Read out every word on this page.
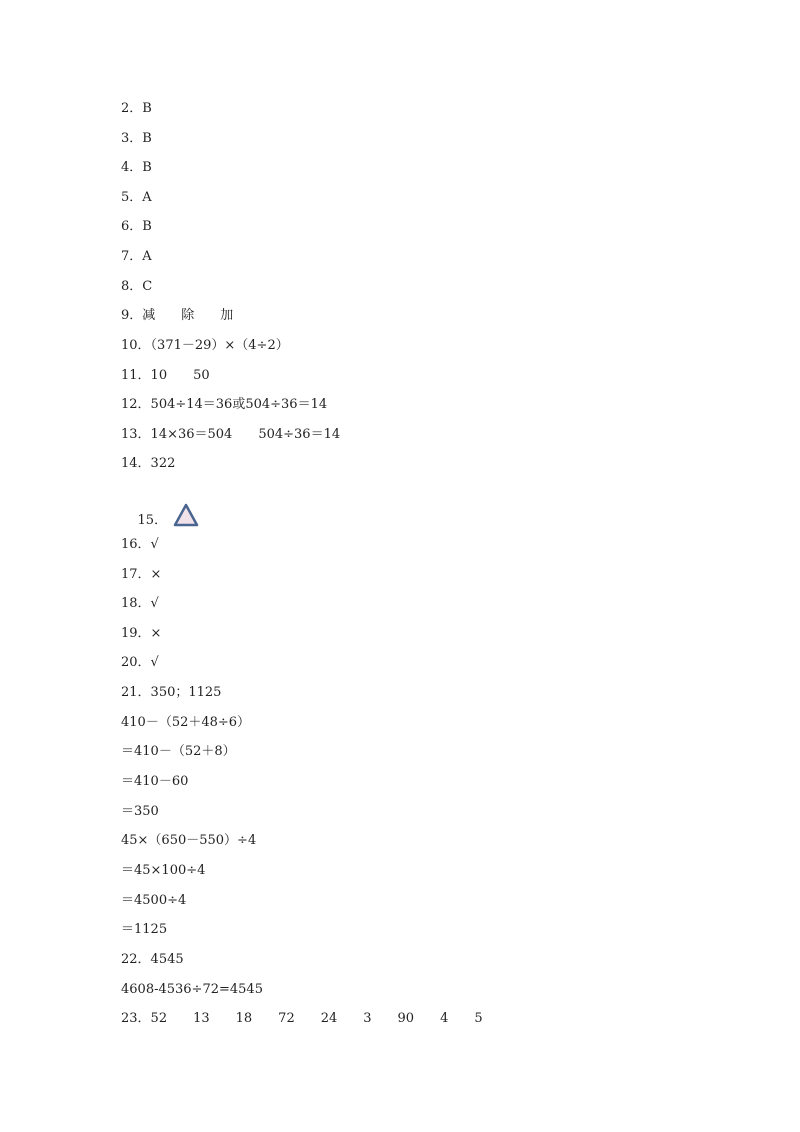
2．B
3．B
4．B
5．A
6．B
7．A
8．C
9．减　　除　　加
10．（371－29）×（4÷2）
11．10　　50
12．504÷14＝36或504÷36＝14
13．14×36＝504　　504÷36＝14
14．322

15．

16．√
17．×
18．√
19．×
20．√
21．350；1125
410－（52＋48÷6）
＝410－（52＋8）
＝410－60
＝350
45×（650－550）÷4
＝45×100÷4
＝4500÷4
＝1125
22．4545
4608-4536÷72=4545
23．52　　13　　18　　72　　24　　3　　90　　4　　5
